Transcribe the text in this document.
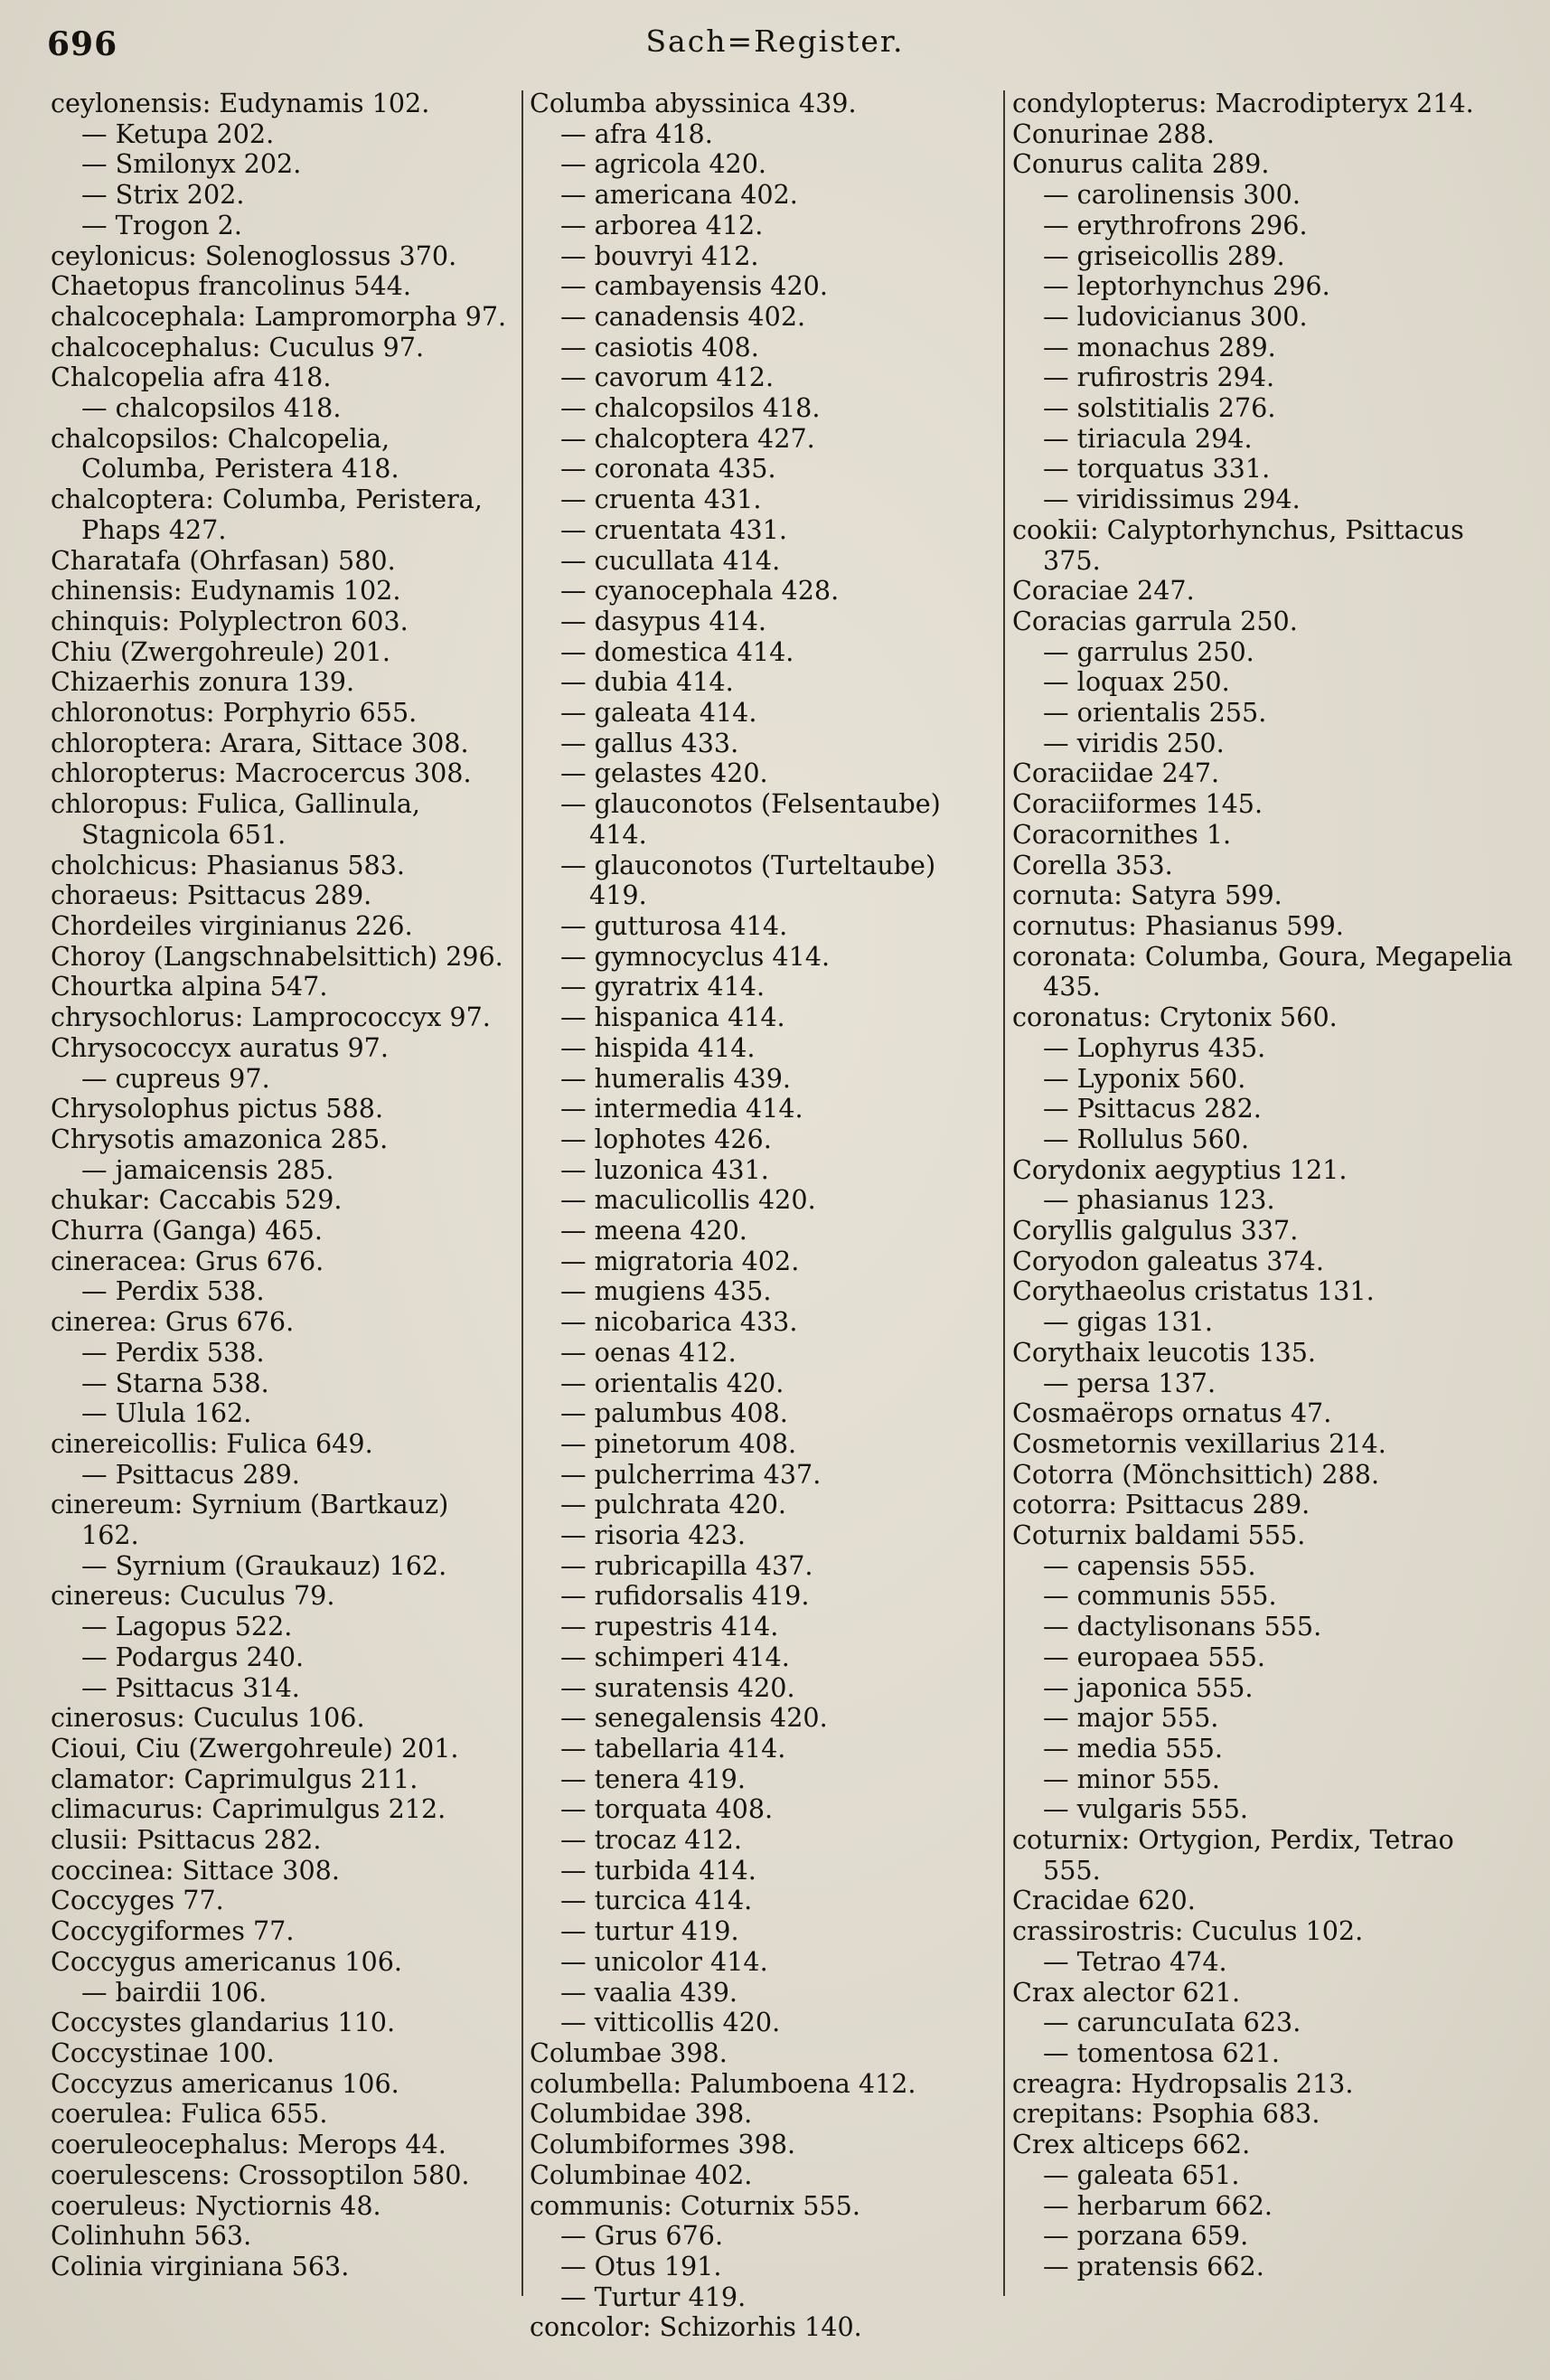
696	Sach=Register.
ceylonensis: Eudynamis 102.
— Ketupa 202.
— Smilonyx 202.
— Strix 202.
— Trogon 2.
ceylonicus: Solenoglossus 370.
Chaetopus francolinus 544.
chalcocephala: Lampromorpha 97.
chalcocephalus: Cuculus 97.
Chalcopelia afra 418.
— chalcopsilos 418.
chalcopsilos: Chalcopelia, Columba, Peristera 418.
chalcoptera: Columba, Peristera, Phaps 427.
Charatafa (Ohrfasan) 580.
chinensis: Eudynamis 102.
chinquis: Polyplectron 603.
Chiu (Zwergohreule) 201.
Chizaerhis zonura 139.
chloronotus: Porphyrio 655.
chloroptera: Arara, Sittace 308.
chloropterus: Macrocercus 308.
chloropus: Fulica, Gallinula, Stagnicola 651.
cholchicus: Phasianus 583.
choraeus: Psittacus 289.
Chordeiles virginianus 226.
Choroy (Langschnabelsittich) 296.
Chourtka alpina 547.
chrysochlorus: Lamprococcyx 97.
Chrysococcyx auratus 97.
— cupreus 97.
Chrysolophus pictus 588.
Chrysotis amazonica 285.
— jamaicensis 285.
chukar: Caccabis 529.
Churra (Ganga) 465.
cineracea: Grus 676.
— Perdix 538.
cinerea: Grus 676.
— Perdix 538.
— Starna 538.
— Ulula 162.
cinereicollis: Fulica 649.
— Psittacus 289.
cinereum: Syrnium (Bartkauz) 162.
— Syrnium (Graukauz) 162.
cinereus: Cuculus 79.
— Lagopus 522.
— Podargus 240.
— Psittacus 314.
cinerosus: Cuculus 106.
Cioui, Ciu (Zwergohreule) 201.
clamator: Caprimulgus 211.
climacurus: Caprimulgus 212.
clusii: Psittacus 282.
coccinea: Sittace 308.
Coccyges 77.
Coccygiformes 77.
Coccygus americanus 106.
— bairdii 106.
Coccystes glandarius 110.
Coccystinae 100.
Coccyzus americanus 106.
coerulea: Fulica 655.
coeruleocephalus: Merops 44.
coerulescens: Crossoptilon 580.
coeruleus: Nyctiornis 48.
Colinhuhn 563.
Colinia virginiana 563.
Columba abyssinica 439.
— afra 418.
— agricola 420.
— americana 402.
— arborea 412.
— bouvryi 412.
— cambayensis 420.
— canadensis 402.
— casiotis 408.
— cavorum 412.
— chalcopsilos 418.
— chalcoptera 427.
— coronata 435.
— cruenta 431.
— cruentata 431.
— cucullata 414.
— cyanocephala 428.
— dasypus 414.
— domestica 414.
— dubia 414.
— galeata 414.
— gallus 433.
— gelastes 420.
— glauconotos (Felsentaube) 414.
— glauconotos (Turteltaube) 419.
— gutturosa 414.
— gymnocyclus 414.
— gyratrix 414.
— hispanica 414.
— hispida 414.
— humeralis 439.
— intermedia 414.
— lophotes 426.
— luzonica 431.
— maculicollis 420.
— meena 420.
— migratoria 402.
— mugiens 435.
— nicobarica 433.
— oenas 412.
— orientalis 420.
— palumbus 408.
— pinetorum 408.
— pulcherrima 437.
— pulchrata 420.
— risoria 423.
— rubricapilla 437.
— rufidorsalis 419.
— rupestris 414.
— schimperi 414.
— suratensis 420.
— senegalensis 420.
— tabellaria 414.
— tenera 419.
— torquata 408.
— trocaz 412.
— turbida 414.
— turcica 414.
— turtur 419.
— unicolor 414.
— vaalia 439.
— vitticollis 420.
Columbae 398.
columbella: Palumboena 412.
Columbidae 398.
Columbiformes 398.
Columbinae 402.
communis: Coturnix 555.
— Grus 676.
— Otus 191.
— Turtur 419.
concolor: Schizorhis 140.
condylopterus: Macrodipteryx 214.
Conurinae 288.
Conurus calita 289.
— carolinensis 300.
— erythrofrons 296.
— griseicollis 289.
— leptorhynchus 296.
— ludovicianus 300.
— monachus 289.
— rufirostris 294.
— solstitialis 276.
— tiriacula 294.
— torquatus 331.
— viridissimus 294.
cookii: Calyptorhynchus, Psittacus 375.
Coraciae 247.
Coracias garrula 250.
— garrulus 250.
— loquax 250.
— orientalis 255.
— viridis 250.
Coraciidae 247.
Coraciiformes 145.
Coracornithes 1.
Corella 353.
cornuta: Satyra 599.
cornutus: Phasianus 599.
coronata: Columba, Goura, Megapelia 435.
coronatus: Crytonix 560.
— Lophyrus 435.
— Lyponix 560.
— Psittacus 282.
— Rollulus 560.
Corydonix aegyptius 121.
— phasianus 123.
Coryllis galgulus 337.
Coryodon galeatus 374.
Corythaeolus cristatus 131.
— gigas 131.
Corythaix leucotis 135.
— persa 137.
Cosmaërops ornatus 47.
Cosmetornis vexillarius 214.
Cotorra (Mönchsittich) 288.
cotorra: Psittacus 289.
Coturnix baldami 555.
— capensis 555.
— communis 555.
— dactylisonans 555.
— europaea 555.
— japonica 555.
— major 555.
— media 555.
— minor 555.
— vulgaris 555.
coturnix: Ortygion, Perdix, Tetrao 555.
Cracidae 620.
crassirostris: Cuculus 102.
— Tetrao 474.
Crax alector 621.
— caruncuIata 623.
— tomentosa 621.
creagra: Hydropsalis 213.
crepitans: Psophia 683.
Crex alticeps 662.
— galeata 651.
— herbarum 662.
— porzana 659.
— pratensis 662.
